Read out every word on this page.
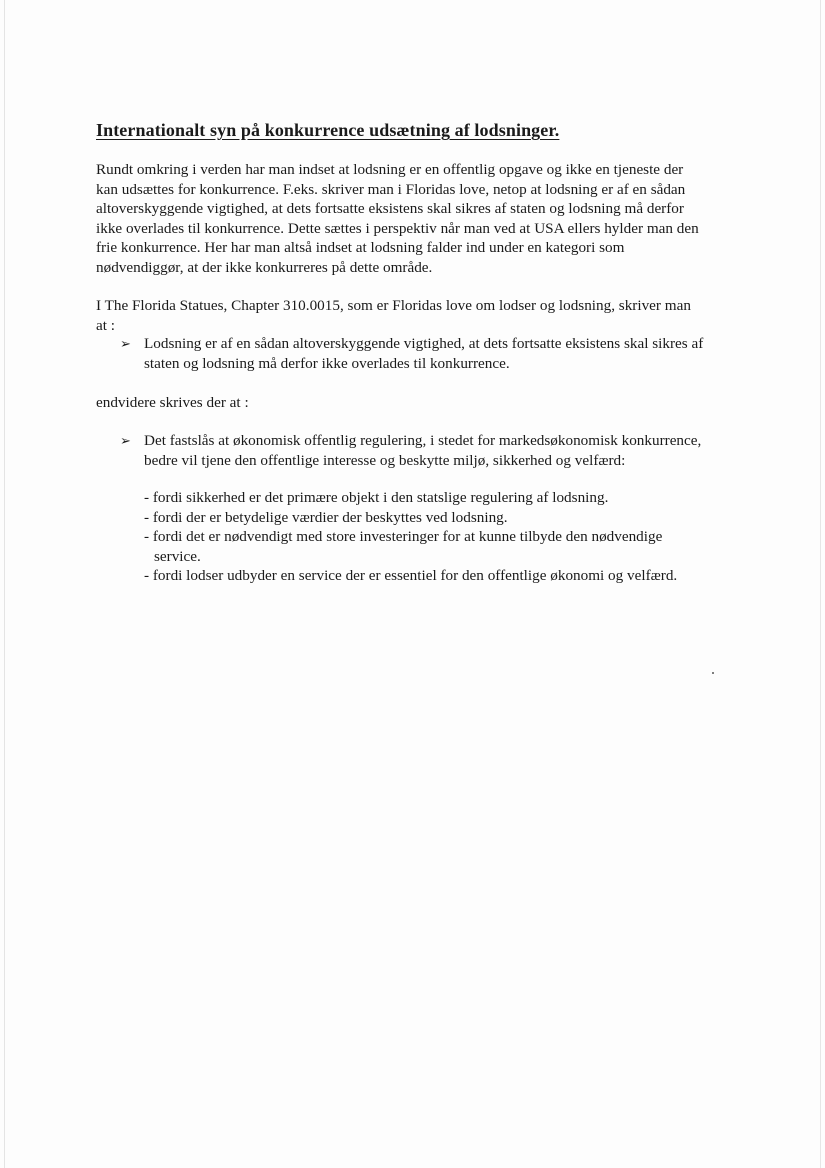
Internationalt syn på konkurrence udsætning af lodsninger.

Rundt omkring i verden har man indset at lodsning er en offentlig opgave og ikke en tjeneste der
kan udsættes for konkurrence. F.eks. skriver man i Floridas love, netop at lodsning er af en sådan
altoverskyggende vigtighed, at dets fortsatte eksistens skal sikres af staten og lodsning må derfor
ikke overlades til konkurrence. Dette sættes i perspektiv når man ved at USA ellers hylder man den
frie konkurrence. Her har man altså indset at lodsning falder ind under en kategori som
nødvendiggør, at der ikke konkurreres på dette område.

I The Florida Statues, Chapter 310.0015, som er Floridas love om lodser og lodsning, skriver man
at :

➢ Lodsning er af en sådan altoverskyggende vigtighed, at dets fortsatte eksistens skal sikres af
staten og lodsning må derfor ikke overlades til konkurrence.

endvidere skrives der at :

➢ Det fastslås at økonomisk offentlig regulering, i stedet for markedsøkonomisk konkurrence,
bedre vil tjene den offentlige interesse og beskytte miljø, sikkerhed og velfærd:
- fordi sikkerhed er det primære objekt i den statslige regulering af lodsning.
- fordi der er betydelige værdier der beskyttes ved lodsning.
- fordi det er nødvendigt med store investeringer for at kunne tilbyde den nødvendige
service.
- fordi lodser udbyder en service der er essentiel for den offentlige økonomi og velfærd.
